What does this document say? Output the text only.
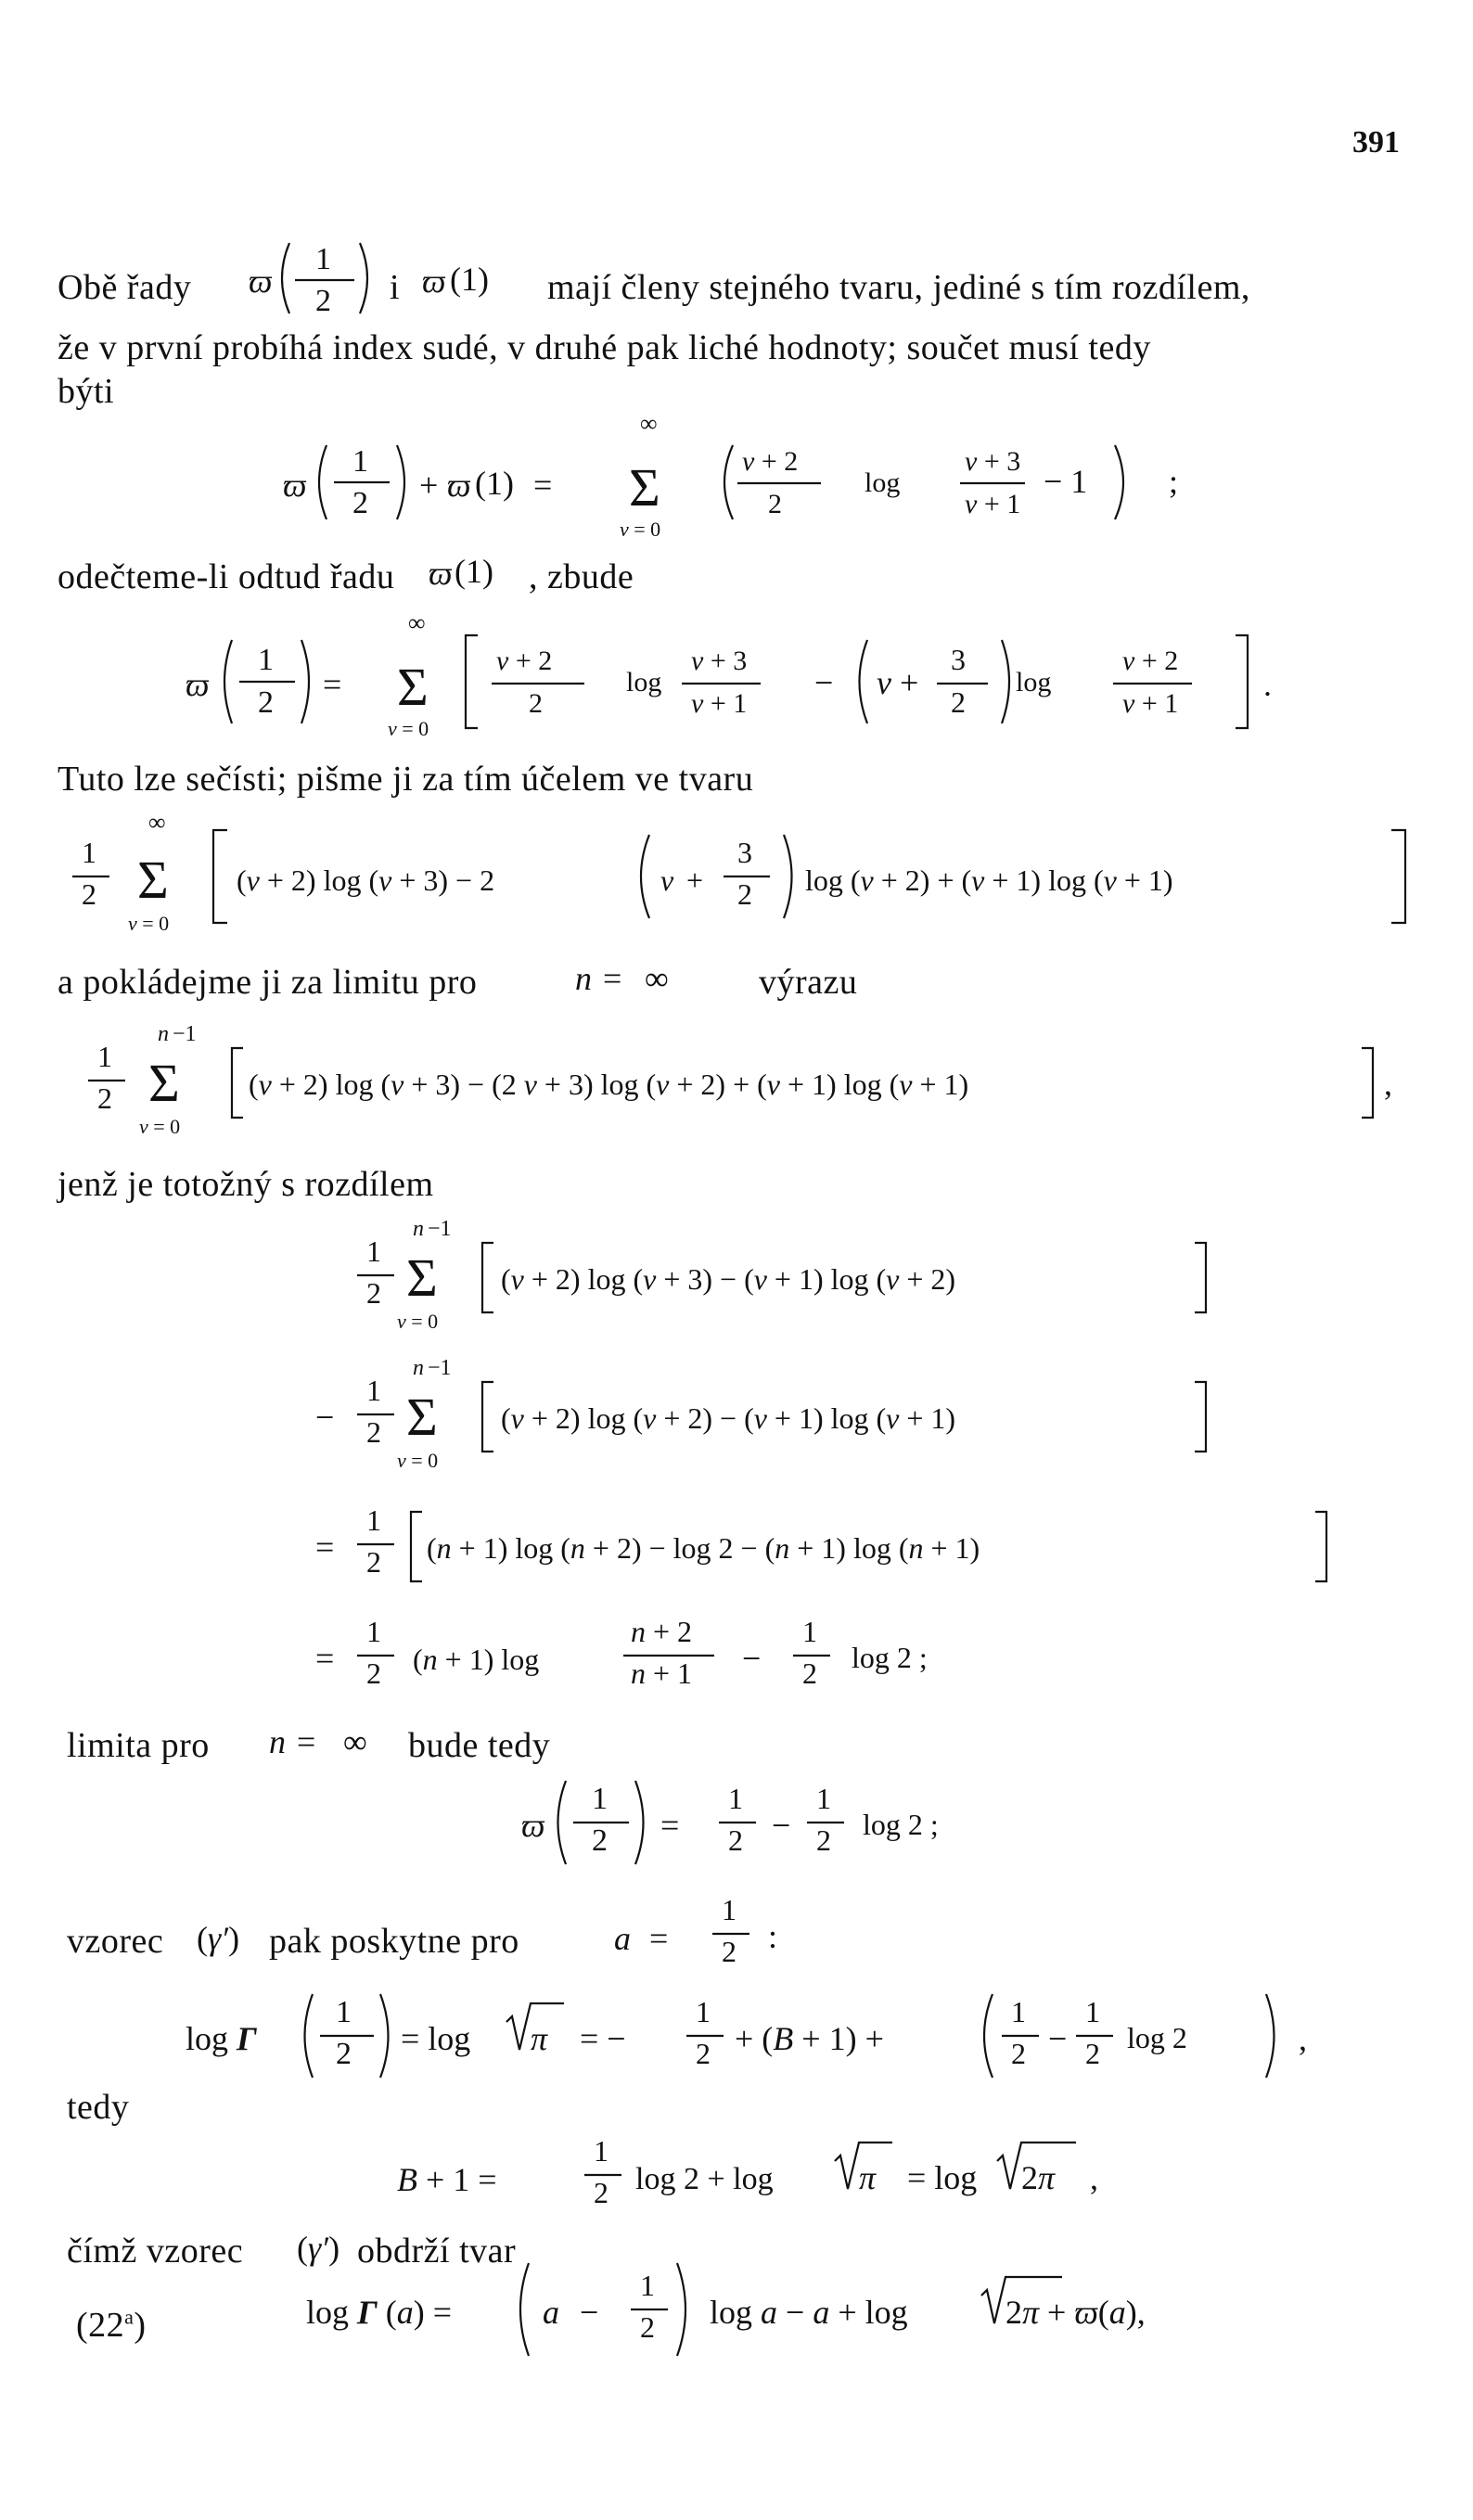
391
Obě řady	i	mají členy stejného tvaru, jediné s tím rozdílem,
že v první probíhá index sudé, v druhé pak liché hodnoty; součet musí tedy
býti
odečteme-li odtud řadu	, zbude
Tuto lze sečísti; pišme ji za tím účelem ve tvaru
a pokládejme ji za limitu pro	výrazu
jenž je totožný s rozdílem
limita pro	bude tedy
vzorec	pak poskytne pro
tedy
čímž vzorec	obdrží tvar
(22$^a$)
ϖ
1
2
ϖ (1)
ϖ
1
2 + ϖ (1) =
∞
Σ
ν = 0
ν + 2
2
log
ν + 3
ν + 1
− 1 ;
ϖ (1)
ϖ
1
2 =
∞
Σ
ν = 0
ν + 2
2
log
ν + 3
ν + 1
− ν +
3
2
log
ν + 2
ν + 1
.
1
2
∞
Σ
ν = 0
(ν + 2) log (ν + 3) − 2	ν +
3
2 log (ν + 2) + (ν + 1) log (ν + 1)
n = ∞
1
2
n −1
Σ
ν = 0
(ν + 2) log (ν + 3) − (2 ν + 3) log (ν + 2) + (ν + 1) log (ν + 1)	,
1
2
n −1
Σ
ν = 0
(ν + 2) log (ν + 3) − (ν + 1) log (ν + 2)
−
1
2
n −1
Σ
ν = 0
(ν + 2) log (ν + 2) − (ν + 1) log (ν + 1)
=
1
2 (n + 1) log (n + 2) − log 2 − (n + 1) log (n + 1)
=
1
2 (n + 1) log
n + 2
n + 1 −
1
2 log 2 ;
n = ∞
ϖ
1
2 =
1
2 −
1
2 log 2 ;
(γ′)	a =
1
2 :
log Γ
1
2 = log π = −
1
2 + (B + 1) +
1
2 −
1
2 log 2	,
B + 1 =
1
2 log 2 + log	π = log 2π ,
(γ′)
log Γ (a) =	a −
1
2 log a − a + log	2π + ϖ(a),
